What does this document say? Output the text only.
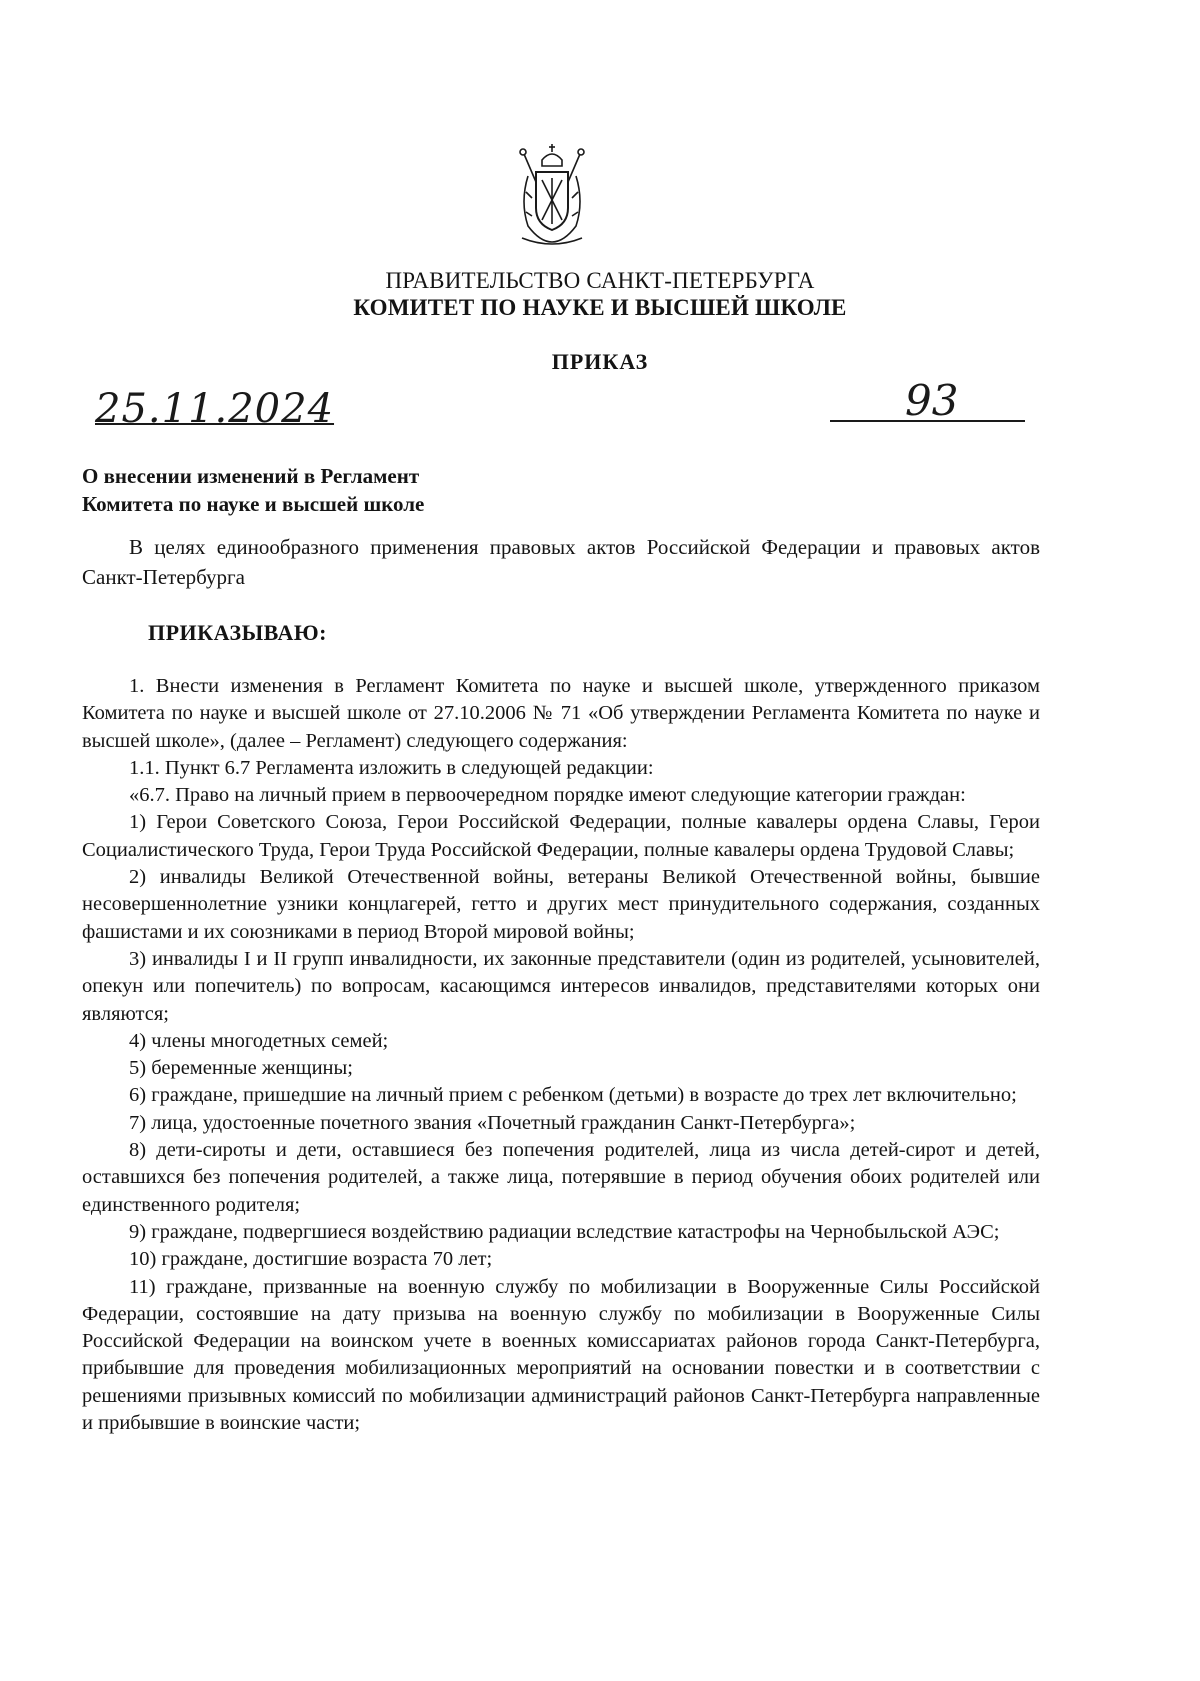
ПРАВИТЕЛЬСТВО САНКТ-ПЕТЕРБУРГА
КОМИТЕТ ПО НАУКЕ И ВЫСШЕЙ ШКОЛЕ
ПРИКАЗ
25.11.2024	93
О внесении изменений в Регламент
Комитета по науке и высшей школе
В целях единообразного применения правовых актов Российской Федерации и правовых актов Санкт-Петербурга
ПРИКАЗЫВАЮ:

1. Внести изменения в Регламент Комитета по науке и высшей школе, утвержденного приказом Комитета по науке и высшей школе от 27.10.2006 № 71 «Об утверждении Регламента Комитета по науке и высшей школе», (далее – Регламент) следующего содержания:

1.1. Пункт 6.7 Регламента изложить в следующей редакции:

«6.7. Право на личный прием в первоочередном порядке имеют следующие категории граждан:

1) Герои Советского Союза, Герои Российской Федерации, полные кавалеры ордена Славы, Герои Социалистического Труда, Герои Труда Российской Федерации, полные кавалеры ордена Трудовой Славы;

2) инвалиды Великой Отечественной войны, ветераны Великой Отечественной войны, бывшие несовершеннолетние узники концлагерей, гетто и других мест принудительного содержания, созданных фашистами и их союзниками в период Второй мировой войны;

3) инвалиды I и II групп инвалидности, их законные представители (один из родителей, усыновителей, опекун или попечитель) по вопросам, касающимся интересов инвалидов, представителями которых они являются;

4) члены многодетных семей;

5) беременные женщины;

6) граждане, пришедшие на личный прием с ребенком (детьми) в возрасте до трех лет включительно;

7) лица, удостоенные почетного звания «Почетный гражданин Санкт-Петербурга»;

8) дети-сироты и дети, оставшиеся без попечения родителей, лица из числа детей-сирот и детей, оставшихся без попечения родителей, а также лица, потерявшие в период обучения обоих родителей или единственного родителя;

9) граждане, подвергшиеся воздействию радиации вследствие катастрофы на Чернобыльской АЭС;

10) граждане, достигшие возраста 70 лет;

11) граждане, призванные на военную службу по мобилизации в Вооруженные Силы Российской Федерации, состоявшие на дату призыва на военную службу по мобилизации в Вооруженные Силы Российской Федерации на воинском учете в военных комиссариатах районов города Санкт-Петербурга, прибывшие для проведения мобилизационных мероприятий на основании повестки и в соответствии с решениями призывных комиссий по мобилизации администраций районов Санкт-Петербурга направленные и прибывшие в воинские части;
